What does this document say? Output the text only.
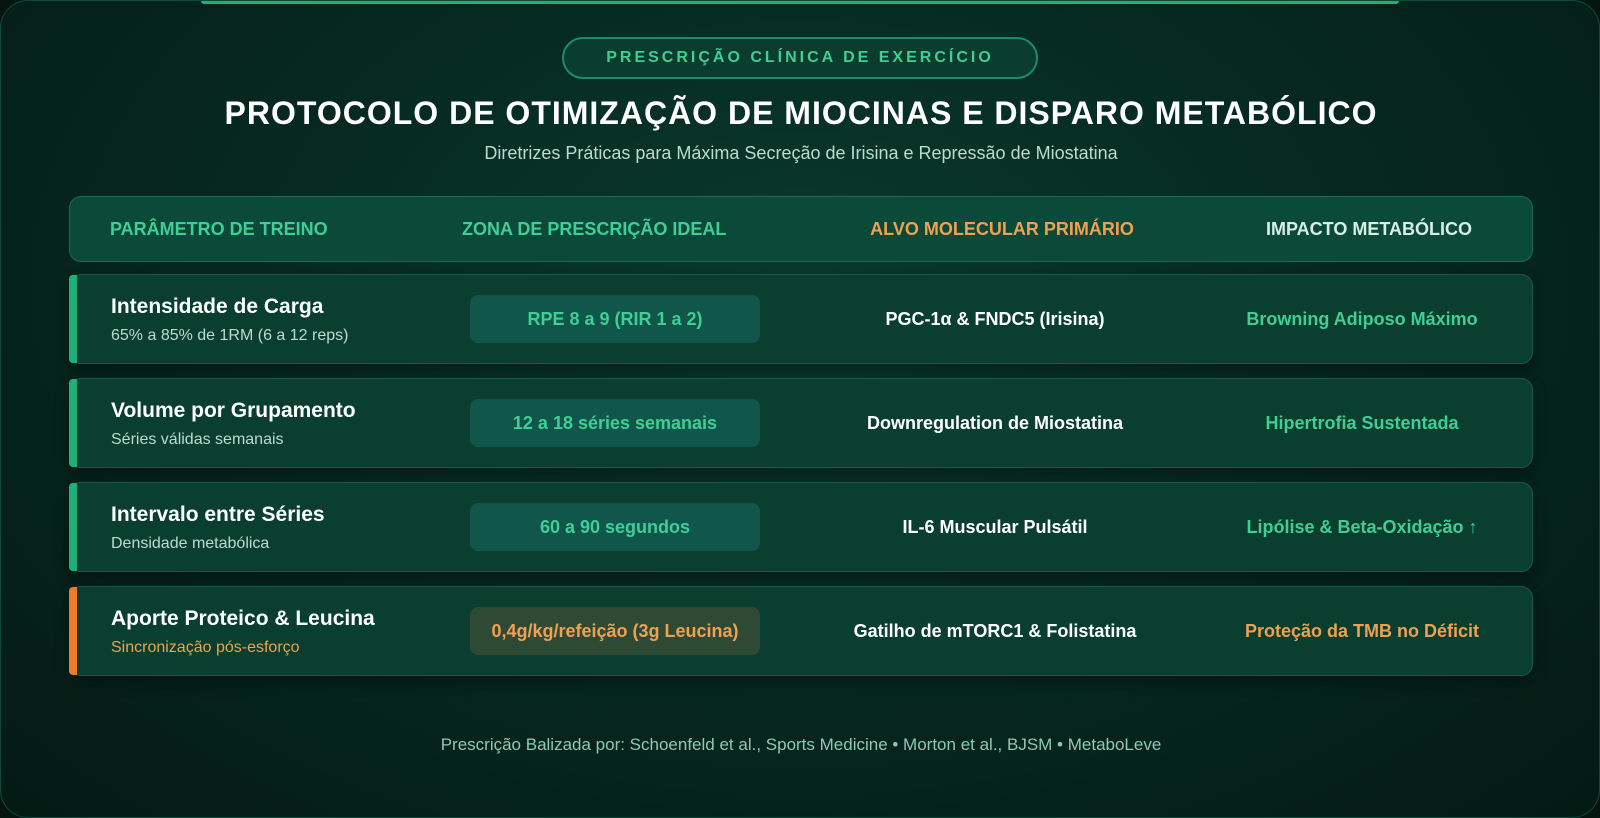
PRESCRIÇÃO CLÍNICA DE EXERCÍCIO
PROTOCOLO DE OTIMIZAÇÃO DE MIOCINAS E DISPARO METABÓLICO
Diretrizes Práticas para Máxima Secreção de Irisina e Repressão de Miostatina
PARÂMETRO DE TREINO	ZONA DE PRESCRIÇÃO IDEAL	ALVO MOLECULAR PRIMÁRIO	IMPACTO METABÓLICO
Intensidade de Carga
65% a 85% de 1RM (6 a 12 reps)
RPE 8 a 9 (RIR 1 a 2)	PGC-1α & FNDC5 (Irisina)	Browning Adiposo Máximo
Volume por Grupamento
Séries válidas semanais
12 a 18 séries semanais	Downregulation de Miostatina	Hipertrofia Sustentada
Intervalo entre Séries
Densidade metabólica
60 a 90 segundos	IL-6 Muscular Pulsátil	Lipólise & Beta-Oxidação ↑
Aporte Proteico & Leucina
Sincronização pós-esforço
0,4g/kg/refeição (3g Leucina)	Gatilho de mTORC1 & Folistatina	Proteção da TMB no Déficit
Prescrição Balizada por: Schoenfeld et al., Sports Medicine • Morton et al., BJSM • MetaboLeve
